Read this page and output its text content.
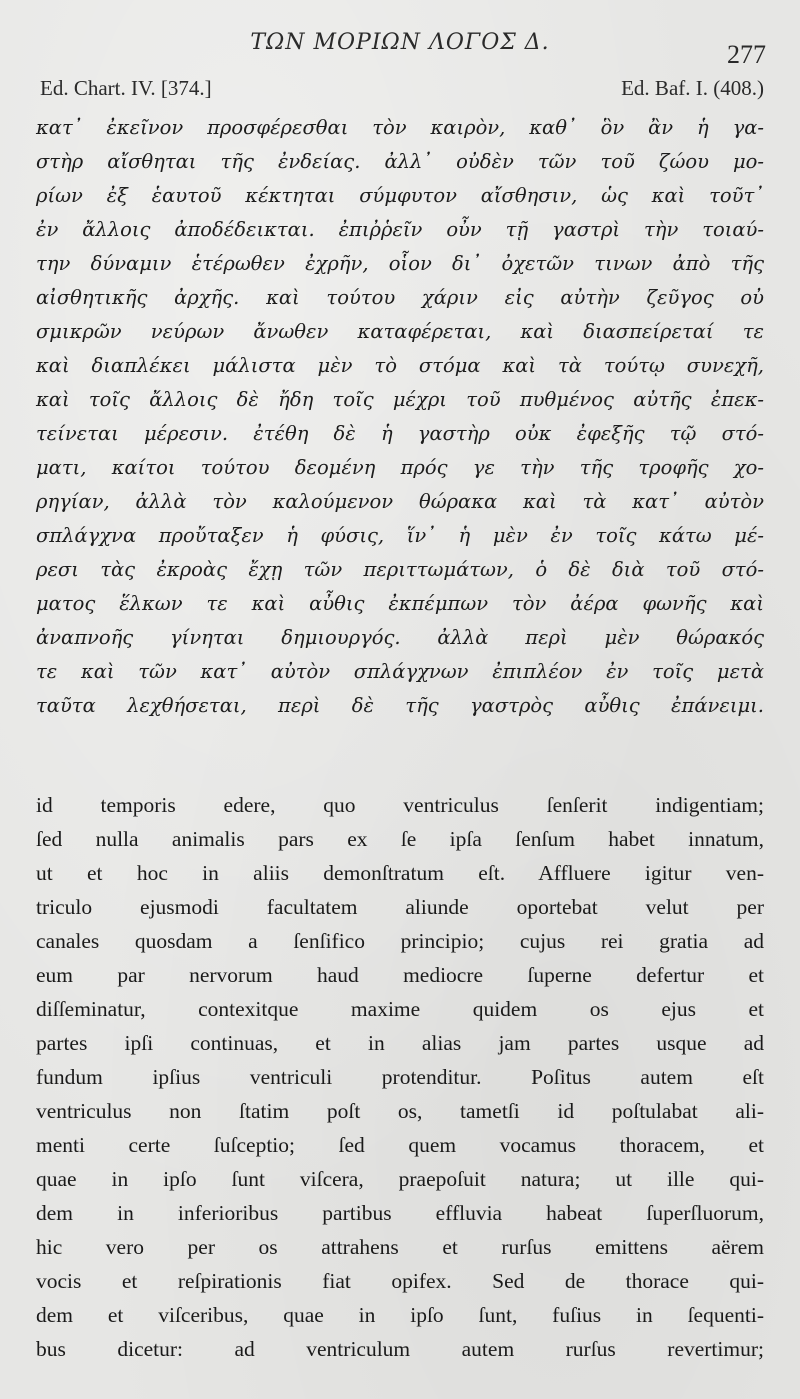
ΤΩΝ ΜΟΡΙΩΝ ΛΟΓΟΣ Δ.	277
Ed. Chart. IV. [374.]	Ed. Baf. I. (408.)
κατ᾿ ἐκεῖνον προσφέρεσθαι τὸν καιρὸν, καθ᾿ ὃν ἂν ἡ γα-
στὴρ αἴσθηται τῆς ἐνδείας. ἀλλ᾿ οὐδὲν τῶν τοῦ ζώου μο-
ρίων ἐξ ἑαυτοῦ κέκτηται σύμφυτον αἴσθησιν, ὡς καὶ τοῦτ᾿
ἐν ἄλλοις ἀποδέδεικται. ἐπιῤῥεῖν οὖν τῇ γαστρὶ τὴν τοιαύ-
την δύναμιν ἑτέρωθεν ἐχρῆν, οἷον δι᾿ ὀχετῶν τινων ἀπὸ τῆς
αἰσθητικῆς ἀρχῆς. καὶ τούτου χάριν εἰς αὐτὴν ζεῦγος οὐ
σμικρῶν νεύρων ἄνωθεν καταφέρεται, καὶ διασπείρεταί τε
καὶ διαπλέκει μάλιστα μὲν τὸ στόμα καὶ τὰ τούτῳ συνεχῆ,
καὶ τοῖς ἄλλοις δὲ ἤδη τοῖς μέχρι τοῦ πυθμένος αὐτῆς ἐπεκ-
τείνεται μέρεσιν. ἐτέθη δὲ ἡ γαστὴρ οὐκ ἐφεξῆς τῷ στό-
ματι, καίτοι τούτου δεομένη πρός γε τὴν τῆς τροφῆς χο-
ρηγίαν, ἀλλὰ τὸν καλούμενον θώρακα καὶ τὰ κατ᾿ αὐτὸν
σπλάγχνα προὔταξεν ἡ φύσις, ἵν᾿ ἡ μὲν ἐν τοῖς κάτω μέ-
ρεσι τὰς ἐκροὰς ἔχῃ τῶν περιττωμάτων, ὁ δὲ διὰ τοῦ στό-
ματος ἕλκων τε καὶ αὖθις ἐκπέμπων τὸν ἀέρα φωνῆς καὶ
ἀναπνοῆς γίνηται δημιουργός. ἀλλὰ περὶ μὲν θώρακός
τε καὶ τῶν κατ᾿ αὐτὸν σπλάγχνων ἐπιπλέον ἐν τοῖς μετὰ
ταῦτα λεχθήσεται, περὶ δὲ τῆς γαστρὸς αὖθις ἐπάνειμι.
id temporis edere, quo ventriculus ſenſerit indigentiam;
ſed nulla animalis pars ex ſe ipſa ſenſum habet innatum,
ut et hoc in aliis demonſtratum eſt. Affluere igitur ven-
triculo ejusmodi facultatem aliunde oportebat velut per
canales quosdam a ſenſifico principio; cujus rei gratia ad
eum par nervorum haud mediocre ſuperne defertur et
diſſeminatur, contexitque maxime quidem os ejus et
partes ipſi continuas, et in alias jam partes usque ad
fundum ipſius ventriculi protenditur. Poſitus autem eſt
ventriculus non ſtatim poſt os, tametſi id poſtulabat ali-
menti certe ſuſceptio; ſed quem vocamus thoracem, et
quae in ipſo ſunt viſcera, praepoſuit natura; ut ille qui-
dem in inferioribus partibus effluvia habeat ſuperſluorum,
hic vero per os attrahens et rurſus emittens aërem
vocis et reſpirationis fiat opifex. Sed de thorace qui-
dem et viſceribus, quae in ipſo ſunt, fuſius in ſequenti-
bus dicetur: ad ventriculum autem rurſus revertimur;
